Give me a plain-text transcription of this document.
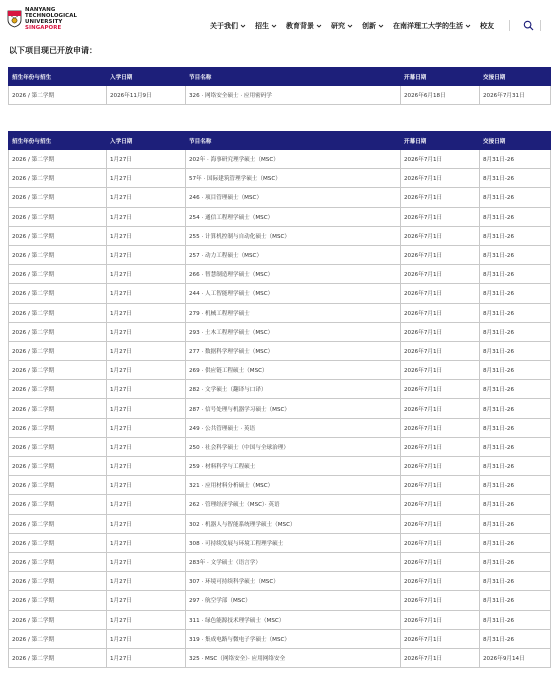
NANYANG
TECHNOLOGICAL
UNIVERSITY
SINGAPORE	关于我们 招生 教育背景 研究 创新 在南洋理工大学的生活 校友
以下项目现已开放申请：
招生年份与招生	入学日期	节目名称	开幕日期	交接日期
2026 / 第二学期	2026年11月9日	326 · 网络安全硕士 · 应用密码学	2026年6月18日	2026年7月31日
招生年份与招生	入学日期	节目名称	开幕日期	交接日期
2026 / 第二学期	1月27日	202年 · 海事研究理学硕士（MSC）	2026年7月1日	8月31日-26
2026 / 第二学期	1月27日	57年 · 国际建筑管理学硕士（MSC）	2026年7月1日	8月31日-26
2026 / 第二学期	1月27日	246 · 项目管理硕士（MSC）	2026年7月1日	8月31日-26
2026 / 第二学期	1月27日	254 · 通信工程理学硕士（MSC）	2026年7月1日	8月31日-26
2026 / 第二学期	1月27日	255 · 计算机控制与自动化硕士（MSC）	2026年7月1日	8月31日-26
2026 / 第二学期	1月27日	257 · 动力工程硕士（MSC）	2026年7月1日	8月31日-26
2026 / 第二学期	1月27日	266 · 智慧制造理学硕士（MSC）	2026年7月1日	8月31日-26
2026 / 第二学期	1月27日	244 · 人工智能理学硕士（MSC）	2026年7月1日	8月31日-26
2026 / 第二学期	1月27日	279 · 机械工程理学硕士	2026年7月1日	8月31日-26
2026 / 第二学期	1月27日	293 · 土木工程理学硕士（MSC）	2026年7月1日	8月31日-26
2026 / 第二学期	1月27日	277 · 数据科学理学硕士（MSC）	2026年7月1日	8月31日-26
2026 / 第二学期	1月27日	269 · 供应链工程硕士（MSC）	2026年7月1日	8月31日-26
2026 / 第二学期	1月27日	282 · 文学硕士（翻译与口译）	2026年7月1日	8月31日-26
2026 / 第二学期	1月27日	287 · 信号处理与机器学习硕士（MSC）	2026年7月1日	8月31日-26
2026 / 第二学期	1月27日	249 · 公共管理硕士 · 英语	2026年7月1日	8月31日-26
2026 / 第二学期	1月27日	250 · 社会科学硕士（中国与全球治理）	2026年7月1日	8月31日-26
2026 / 第二学期	1月27日	259 · 材料科学与工程硕士	2026年7月1日	8月31日-26
2026 / 第二学期	1月27日	321 · 应用材料分析硕士（MSC）	2026年7月1日	8月31日-26
2026 / 第二学期	1月27日	262 · 管理经济学硕士（MSC）· 英语	2026年7月1日	8月31日-26
2026 / 第二学期	1月27日	302 · 机器人与智能系统理学硕士（MSC）	2026年7月1日	8月31日-26
2026 / 第二学期	1月27日	308 · 可持续发展与环境工程理学硕士	2026年7月1日	8月31日-26
2026 / 第二学期	1月27日	283年 · 文学硕士（语言学）	2026年7月1日	8月31日-26
2026 / 第二学期	1月27日	307 · 环境可持续科学硕士（MSC）	2026年7月1日	8月31日-26
2026 / 第二学期	1月27日	297 · 航空学部（MSC）	2026年7月1日	8月31日-26
2026 / 第二学期	1月27日	311 · 绿色能源技术理学硕士（MSC）	2026年7月1日	8月31日-26
2026 / 第二学期	1月27日	319 · 集成电路与微电子学硕士（MSC）	2026年7月1日	8月31日-26
2026 / 第二学期	1月27日	325 · MSC（网络安全）· 应用网络安全	2026年7月1日	2026年9月14日
